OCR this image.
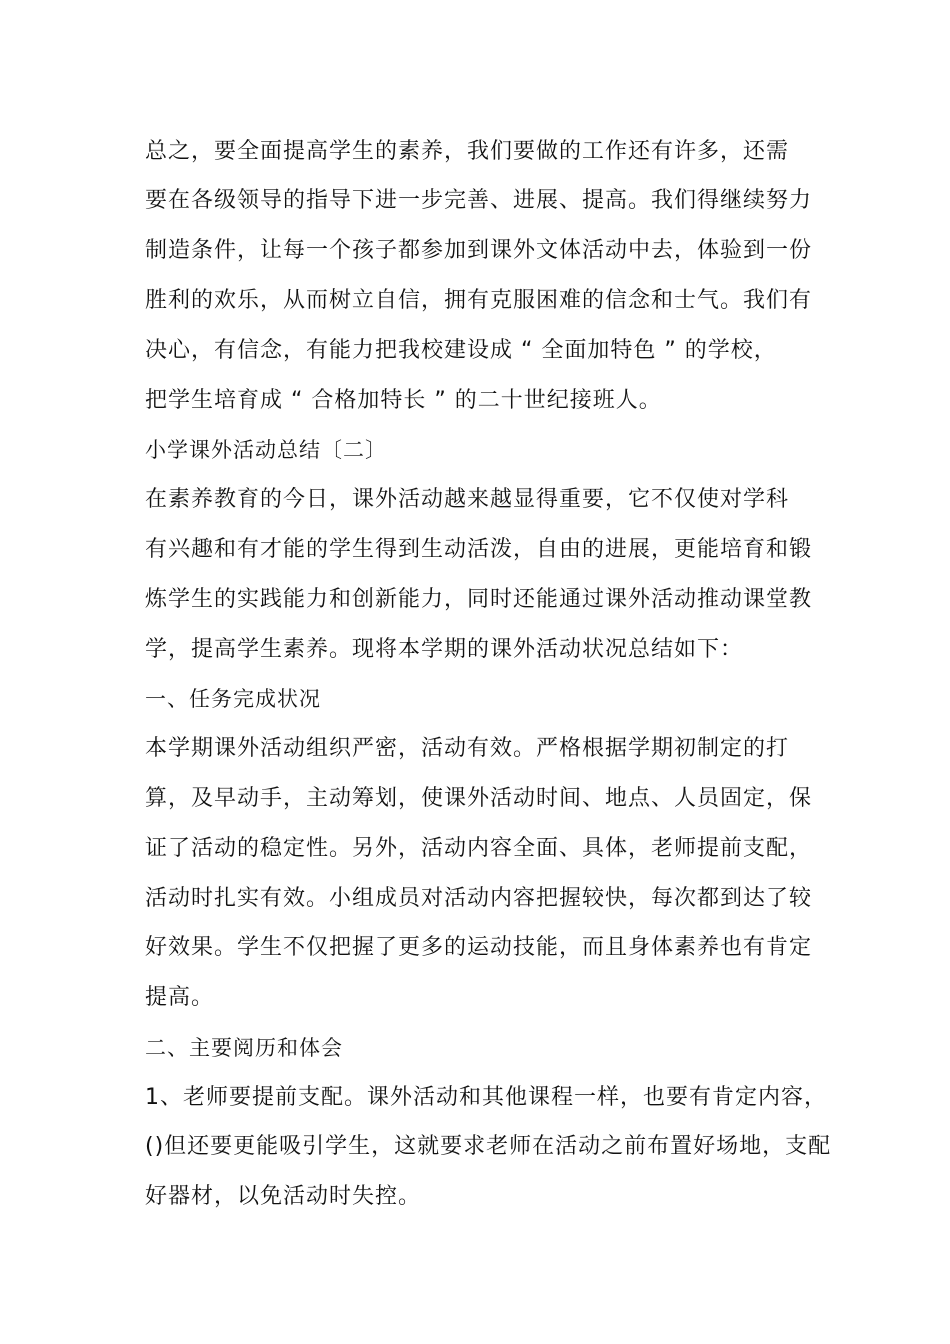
总之，要全面提高学生的素养，我们要做的工作还有许多，还需
要在各级领导的指导下进一步完善、进展、提高。我们得继续努力
制造条件，让每一个孩子都参加到课外文体活动中去，体验到一份
胜利的欢乐，从而树立自信，拥有克服困难的信念和士气。我们有
决心，有信念，有能力把我校建设成 “ 全面加特色 ” 的学校，
把学生培育成 “ 合格加特长 ” 的二十世纪接班人。
小学课外活动总结〔二〕
在素养教育的今日，课外活动越来越显得重要，它不仅使对学科
有兴趣和有才能的学生得到生动活泼，自由的进展，更能培育和锻
炼学生的实践能力和创新能力，同时还能通过课外活动推动课堂教
学，提高学生素养。现将本学期的课外活动状况总结如下：
一、任务完成状况
本学期课外活动组织严密，活动有效。严格根据学期初制定的打
算，及早动手，主动筹划，使课外活动时间、地点、人员固定，保
证了活动的稳定性。另外，活动内容全面、具体，老师提前支配，
活动时扎实有效。小组成员对活动内容把握较快，每次都到达了较
好效果。学生不仅把握了更多的运动技能，而且身体素养也有肯定
提高。
二、主要阅历和体会
1、老师要提前支配。课外活动和其他课程一样，也要有肯定内容，
()但还要更能吸引学生，这就要求老师在活动之前布置好场地，支配
好器材，以免活动时失控。
